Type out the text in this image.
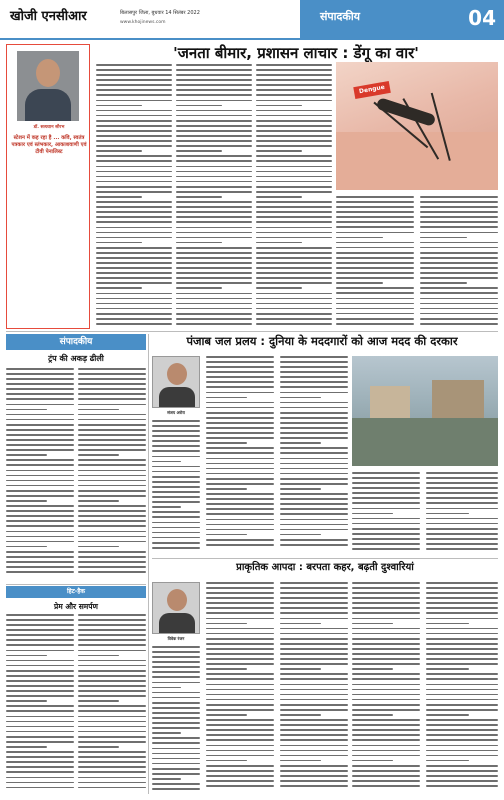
खोजी एनसीआर	बिलासपुर जिला, बुधवार 14 सितंबर 2022
www.khojinews.com	संपादकीय	04
'जनता बीमार, प्रशासन लाचार : डेंगू का वार'
डॉ. सत्यवान सौरभ
स्टेशन में कह रहा है ... कवि, स्वतंत्र पत्रकार एवं स्तंभकार, आकाशवाणी एवं टीवी पेनालिस्ट
Dengue
संपादकीय
ट्रंप की अकड़ ढीली
पंजाब जल प्रलय : दुनिया के मददगारों को आज मदद की दरकार
संजय अरोरा
प्राकृतिक आपदा : बरपता कहर, बढ़ती दुश्वारियां
विवेक रंजन
हिट-हैक
प्रेम और समर्पण
